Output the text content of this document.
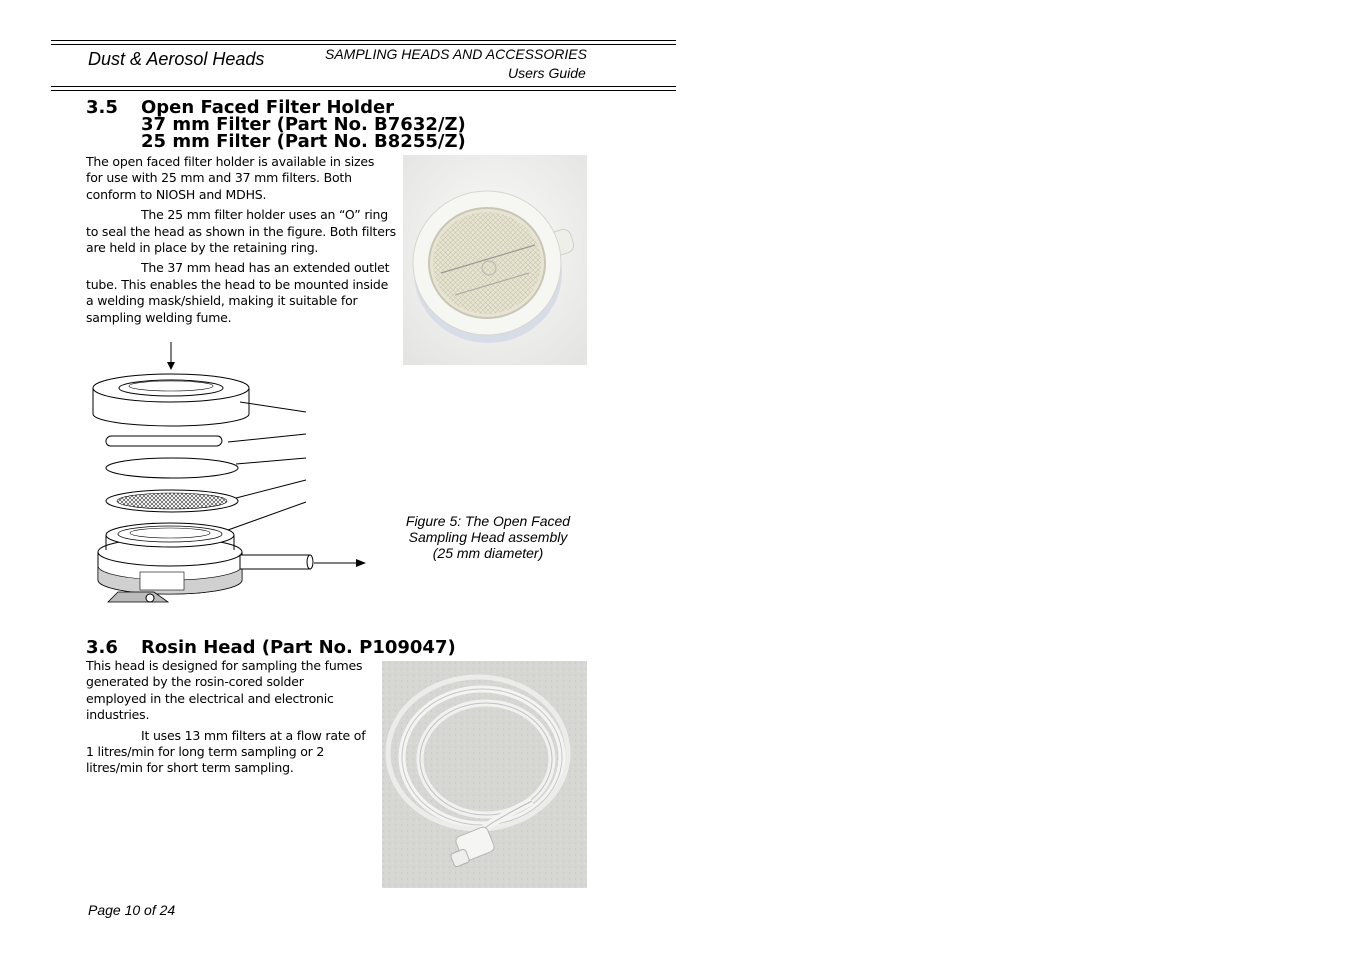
Dust & Aerosol Heads	SAMPLING HEADS AND ACCESSORIES
Users Guide
3.5 Open Faced Filter Holder
37 mm Filter (Part No. B7632/Z)
25 mm Filter (Part No. B8255/Z)

The open faced filter holder is available in sizes for use with 25 mm and 37 mm filters. Both conform to NIOSH and MDHS.

The 25 mm filter holder uses an “O” ring to seal the head as shown in the figure. Both filters are held in place by the retaining ring.

The 37 mm head has an extended outlet tube. This enables the head to be mounted inside a welding mask/shield, making it suitable for sampling welding fume.

Figure 5: The Open Faced
Sampling Head assembly
(25 mm diameter)
3.6 Rosin Head (Part No. P109047)

This head is designed for sampling the fumes generated by the rosin-cored solder employed in the electrical and electronic industries.

It uses 13 mm filters at a flow rate of 1 litres/min for long term sampling or 2 litres/min for short term sampling.

Page 10 of 24
